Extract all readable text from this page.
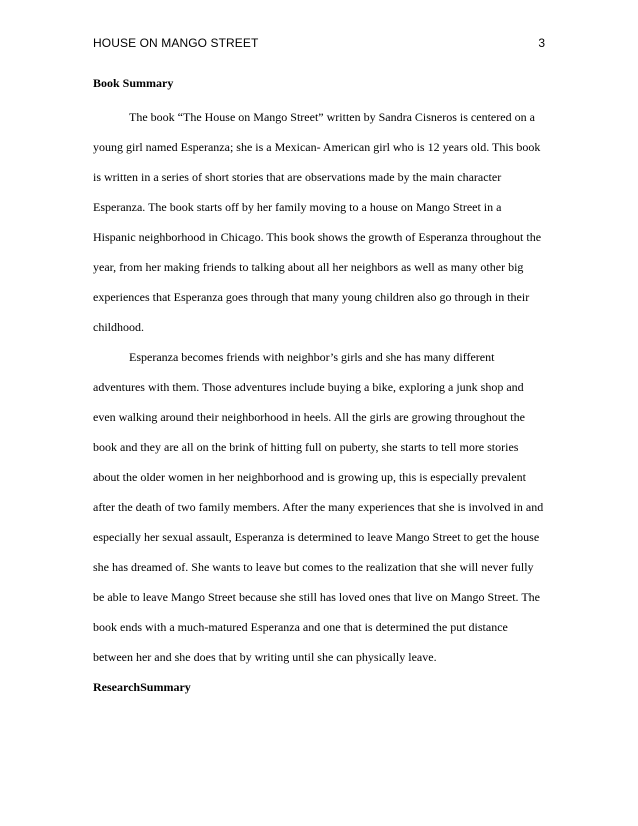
HOUSE ON MANGO STREET	3
Book Summary

The book “The House on Mango Street” written by Sandra Cisneros is centered on a young girl named Esperanza; she is a Mexican- American girl who is 12 years old. This book is written in a series of short stories that are observations made by the main character Esperanza. The book starts off by her family moving to a house on Mango Street in a Hispanic neighborhood in Chicago. This book shows the growth of Esperanza throughout the year, from her making friends to talking about all her neighbors as well as many other big experiences that Esperanza goes through that many young children also go through in their childhood.

Esperanza becomes friends with neighbor’s girls and she has many different adventures with them. Those adventures include buying a bike, exploring a junk shop and even walking around their neighborhood in heels. All the girls are growing throughout the book and they are all on the brink of hitting full on puberty, she starts to tell more stories about the older women in her neighborhood and is growing up, this is especially prevalent after the death of two family members. After the many experiences that she is involved in and especially her sexual assault, Esperanza is determined to leave Mango Street to get the house she has dreamed of. She wants to leave but comes to the realization that she will never fully be able to leave Mango Street because she still has loved ones that live on Mango Street. The book ends with a much-matured Esperanza and one that is determined the put distance between her and she does that by writing until she can physically leave.

ResearchSummary
